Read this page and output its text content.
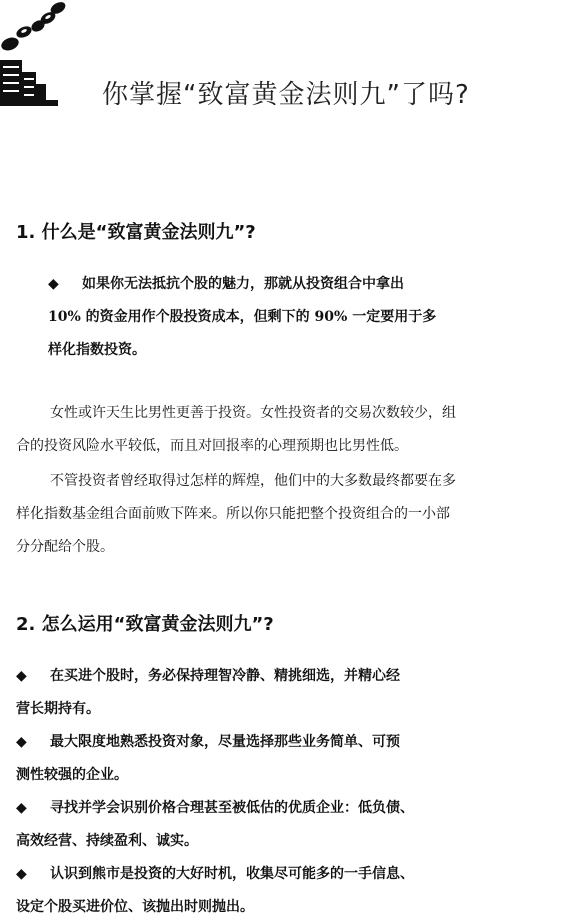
你掌握“致富黄金法则九”了吗?
1. 什么是“致富黄金法则九”?
◆ 如果你无法抵抗个股的魅力，那就从投资组合中拿出
10% 的资金用作个股投资成本，但剩下的 90% 一定要用于多
样化指数投资。
女性或许天生比男性更善于投资。女性投资者的交易次数较少，组
合的投资风险水平较低，而且对回报率的心理预期也比男性低。
不管投资者曾经取得过怎样的辉煌，他们中的大多数最终都要在多
样化指数基金组合面前败下阵来。所以你只能把整个投资组合的一小部
分分配给个股。
2. 怎么运用“致富黄金法则九”?
◆ 在买进个股时，务必保持理智冷静、精挑细选，并精心经
营长期持有。
◆ 最大限度地熟悉投资对象，尽量选择那些业务简单、可预
测性较强的企业。
◆ 寻找并学会识别价格合理甚至被低估的优质企业：低负债、
高效经营、持续盈利、诚实。
◆ 认识到熊市是投资的大好时机，收集尽可能多的一手信息、
设定个股买进价位、该抛出时则抛出。
